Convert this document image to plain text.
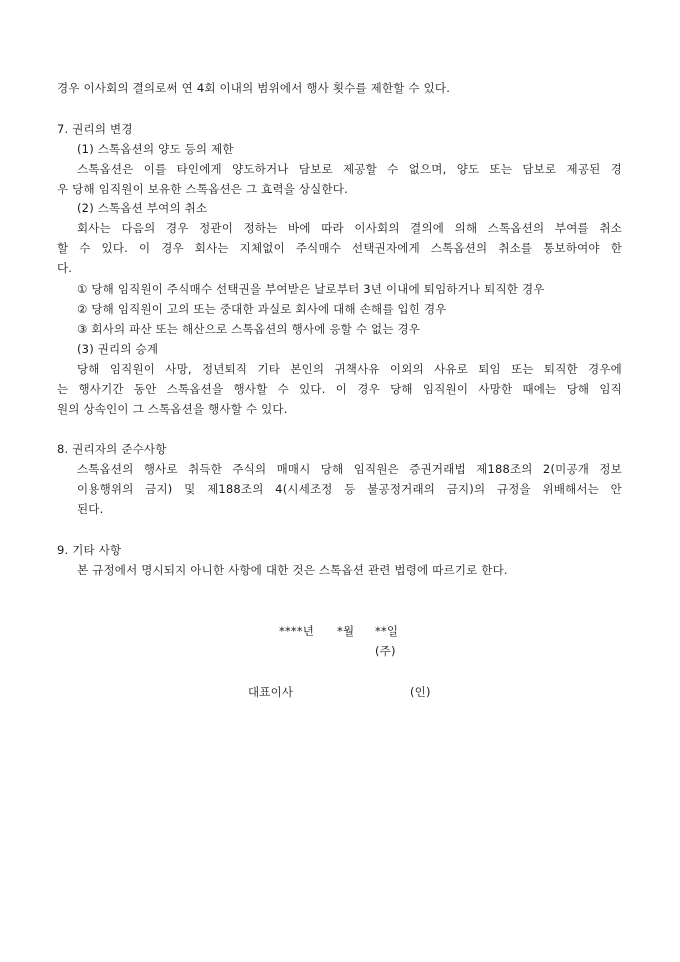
경우 이사회의 결의로써 연 4회 이내의 범위에서 행사 횟수를 제한할 수 있다.
7. 권리의 변경
(1) 스톡옵션의 양도 등의 제한
스톡옵션은 이를 타인에게 양도하거나 담보로 제공할 수 없으며, 양도 또는 담보로 제공된 경
우 당해 임직원이 보유한 스톡옵션은 그 효력을 상실한다.
(2) 스톡옵션 부여의 취소
회사는 다음의 경우 정관이 정하는 바에 따라 이사회의 결의에 의해 스톡옵션의 부여를 취소
할 수 있다. 이 경우 회사는 지체없이 주식매수 선택권자에게 스톡옵션의 취소를 통보하여야 한
다.
① 당해 임직원이 주식매수 선택권을 부여받은 날로부터 3년 이내에 퇴임하거나 퇴직한 경우
② 당해 임직원이 고의 또는 중대한 과실로 회사에 대해 손해를 입힌 경우
③ 회사의 파산 또는 해산으로 스톡옵션의 행사에 응할 수 없는 경우
(3) 권리의 승계
당해 임직원이 사망, 정년퇴직 기타 본인의 귀책사유 이외의 사유로 퇴임 또는 퇴직한 경우에
는 행사기간 동안 스톡옵션을 행사할 수 있다. 이 경우 당해 임직원이 사망한 때에는 당해 임직
원의 상속인이 그 스톡옵션을 행사할 수 있다.
8. 권리자의 준수사항
스톡옵션의 행사로 취득한 주식의 매매시 당해 임직원은 증권거래법 제188조의 2(미공개 정보
이용행위의 금지) 및 제188조의 4(시세조정 등 불공정거래의 금지)의 규정을 위배해서는 안
된다.
9. 기타 사항
본 규정에서 명시되지 아니한 사항에 대한 것은 스톡옵션 관련 법령에 따르기로 한다.
****년 *월 **일
(주)
대표이사	(인)
